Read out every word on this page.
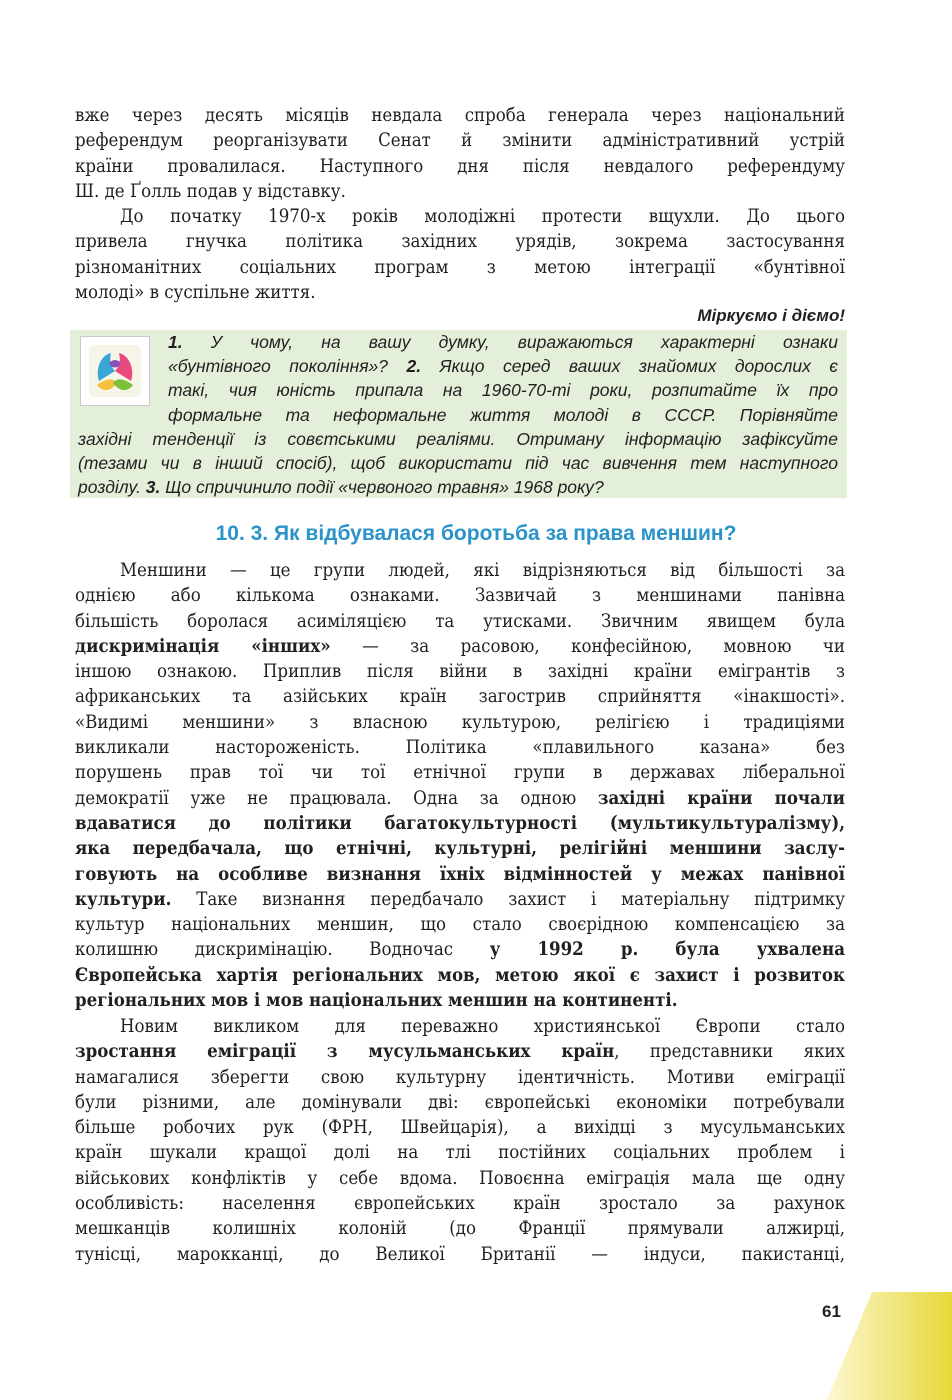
вже через десять місяців невдала спроба генерала через національний
референдум реорганізувати Сенат й змінити адміністративний устрій
країни провалилася. Наступного дня після невдалого референдуму
Ш. де Ґолль подав у відставку.
До початку 1970-х років молодіжні протести вщухли. До цього
привела гнучка політика західних урядів, зокрема застосування
різноманітних соціальних програм з метою інтеграції «бунтівної
молоді» в суспільне життя.

Міркуємо і діємо!

1. У чому, на вашу думку, виражаються характерні ознаки
«бунтівного покоління»? 2. Якщо серед ваших знайомих дорослих є
такі, чия юність припала на 1960-70-ті роки, розпитайте їх про
формальне та неформальне життя молоді в СССР. Порівняйте
західні тенденції із совєтськими реаліями. Отриману інформацію зафіксуйте
(тезами чи в інший спосіб), щоб використати під час вивчення тем наступного
розділу. 3. Що спричинило події «червоного травня» 1968 року?
10. 3. Як відбувалася боротьба за права меншин?
Меншини — це групи людей, які відрізняються від більшості за
однією або кількома ознаками. Зазвичай з меншинами панівна
більшість боролася асиміляцією та утисками. Звичним явищем була
дискримінація «інших» — за расовою, конфесійною, мовною чи
іншою ознакою. Приплив після війни в західні країни емігрантів з
африканських та азійських країн загострив сприйняття «інакшості».
«Видимі меншини» з власною культурою, релігією і традиціями
викликали настороженість. Політика «плавильного казана» без
порушень прав тої чи тої етнічної групи в державах ліберальної
демократії уже не працювала. Одна за одною західні країни почали
вдаватися до політики багатокультурності (мультикультуралізму),
яка передбачала, що етнічні, культурні, релігійні меншини заслу-
говують на особливе визнання їхніх відмінностей у межах панівної
культури. Таке визнання передбачало захист і матеріальну підтримку
культур національних меншин, що стало своєрідною компенсацією за
колишню дискримінацію. Водночас у 1992 р. була ухвалена
Європейська хартія регіональних мов, метою якої є захист і розвиток
регіональних мов і мов національних меншин на континенті.
Новим викликом для переважно християнської Європи стало
зростання еміграції з мусульманських країн, представники яких
намагалися зберегти свою культурну ідентичність. Мотиви еміграції
були різними, але домінували дві: європейські економіки потребували
більше робочих рук (ФРН, Швейцарія), а вихідці з мусульманських
країн шукали кращої долі на тлі постійних соціальних проблем і
військових конфліктів у себе вдома. Повоєнна еміграція мала ще одну
особливість: населення європейських країн зростало за рахунок
мешканців колишніх колоній (до Франції прямували алжирці,
тунісці, марокканці, до Великої Британії — індуси, пакистанці,
61
